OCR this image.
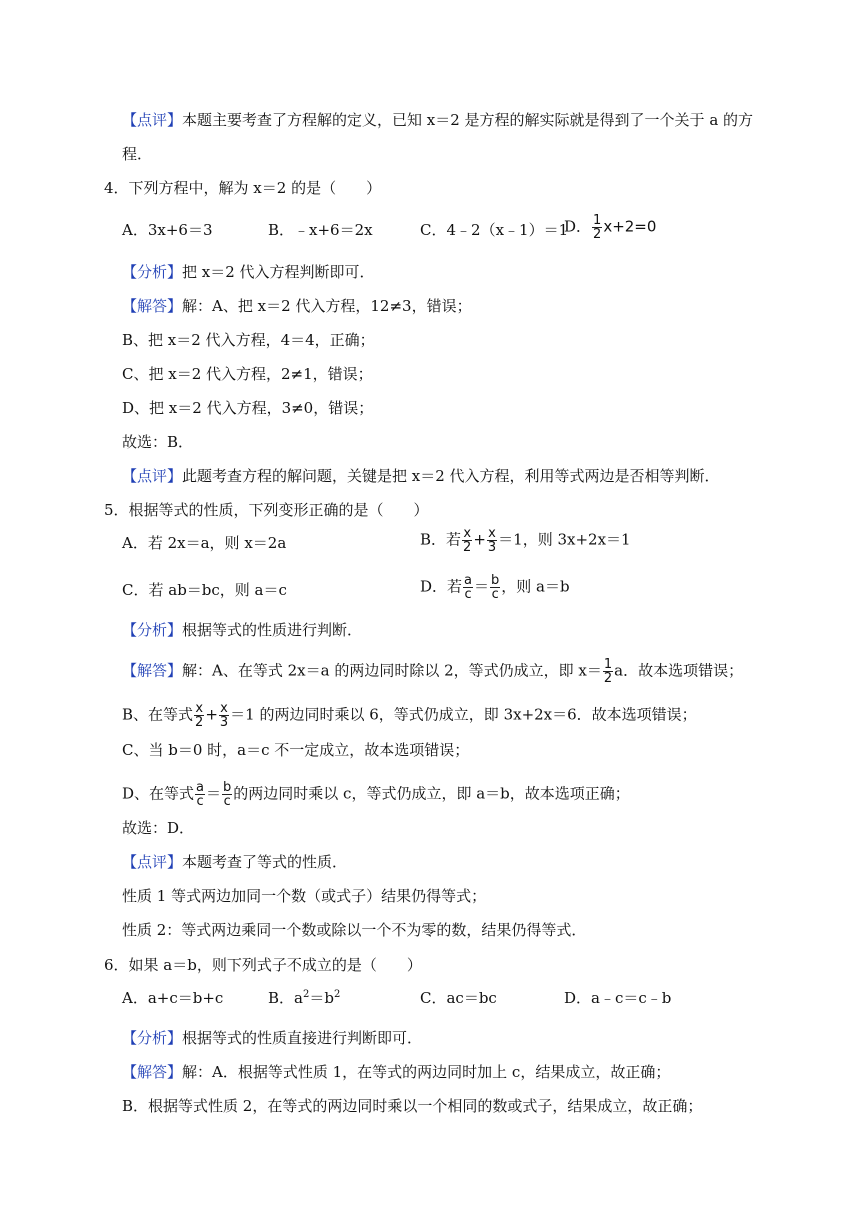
【点评】本题主要考查了方程解的定义，已知 x＝2 是方程的解实际就是得到了一个关于 a 的方
程．
4．下列方程中，解为 x＝2 的是（　　）
A．3x+6＝3	B．﹣x+6＝2x	C．4﹣2（x﹣1）＝1
D． $\frac{1}{2} x+2=0$
【分析】把 x＝2 代入方程判断即可．
【解答】解：A、把 x＝2 代入方程，12≠3，错误；
B、把 x＝2 代入方程，4＝4，正确；
C、把 x＝2 代入方程，2≠1，错误；
D、把 x＝2 代入方程，3≠0，错误；
故选：B．
【点评】此题考查方程的解问题，关键是把 x＝2 代入方程，利用等式两边是否相等判断．
5．根据等式的性质，下列变形正确的是（　　）
A．若 2x＝a，则 x＝2a	B．若 $\frac{x}{2} + \frac{x}{3} =1$，则 3x+2x＝1
C．若 ab＝bc，则 a＝c	D．若 $\frac{a}{c} = \frac{b}{c}$ ，则 a＝b
【分析】根据等式的性质进行判断．
【解答】解：A、在等式 2x＝a 的两边同时除以 2，等式仍成立，即 $x= \frac{1}{2}$ a．故本选项错误；
B、在等式 $\frac{x}{2} + \frac{x}{3} =1$ 的两边同时乘以 6，等式仍成立，即 3x+2x＝6．故本选项错误；
C、当 b＝0 时，a＝c 不一定成立，故本选项错误；
D、在等式 $\frac{a}{c} = \frac{b}{c}$ 的两边同时乘以 c，等式仍成立，即 a＝b，故本选项正确；
故选：D．
【点评】本题考查了等式的性质．
性质 1 等式两边加同一个数（或式子）结果仍得等式；
性质 2：等式两边乘同一个数或除以一个不为零的数，结果仍得等式．
6．如果 a＝b，则下列式子不成立的是（　　）
A．a+c＝b+c	B．$a^2=b^2$	C．ac＝bc	D．a﹣c＝c﹣b
【分析】根据等式的性质直接进行判断即可．
【解答】解：A．根据等式性质 1，在等式的两边同时加上 c，结果成立，故正确；
B．根据等式性质 2，在等式的两边同时乘以一个相同的数或式子，结果成立，故正确；
